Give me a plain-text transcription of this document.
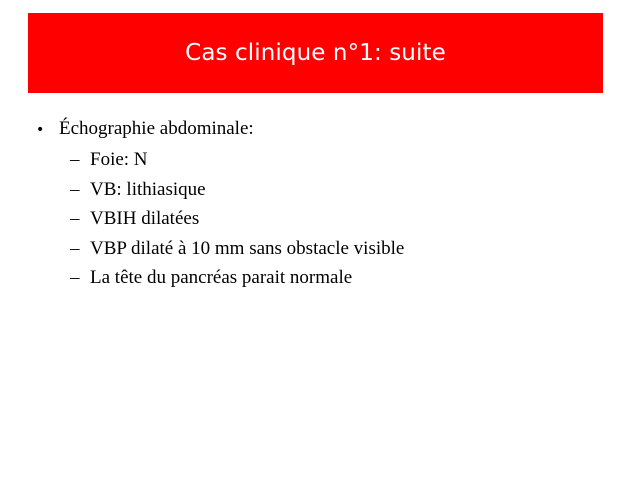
Cas clinique n°1: suite
• Échographie abdominale:
– Foie: N
– VB: lithiasique
– VBIH dilatées
– VBP dilaté à 10 mm sans obstacle visible
– La tête du pancréas parait normale
